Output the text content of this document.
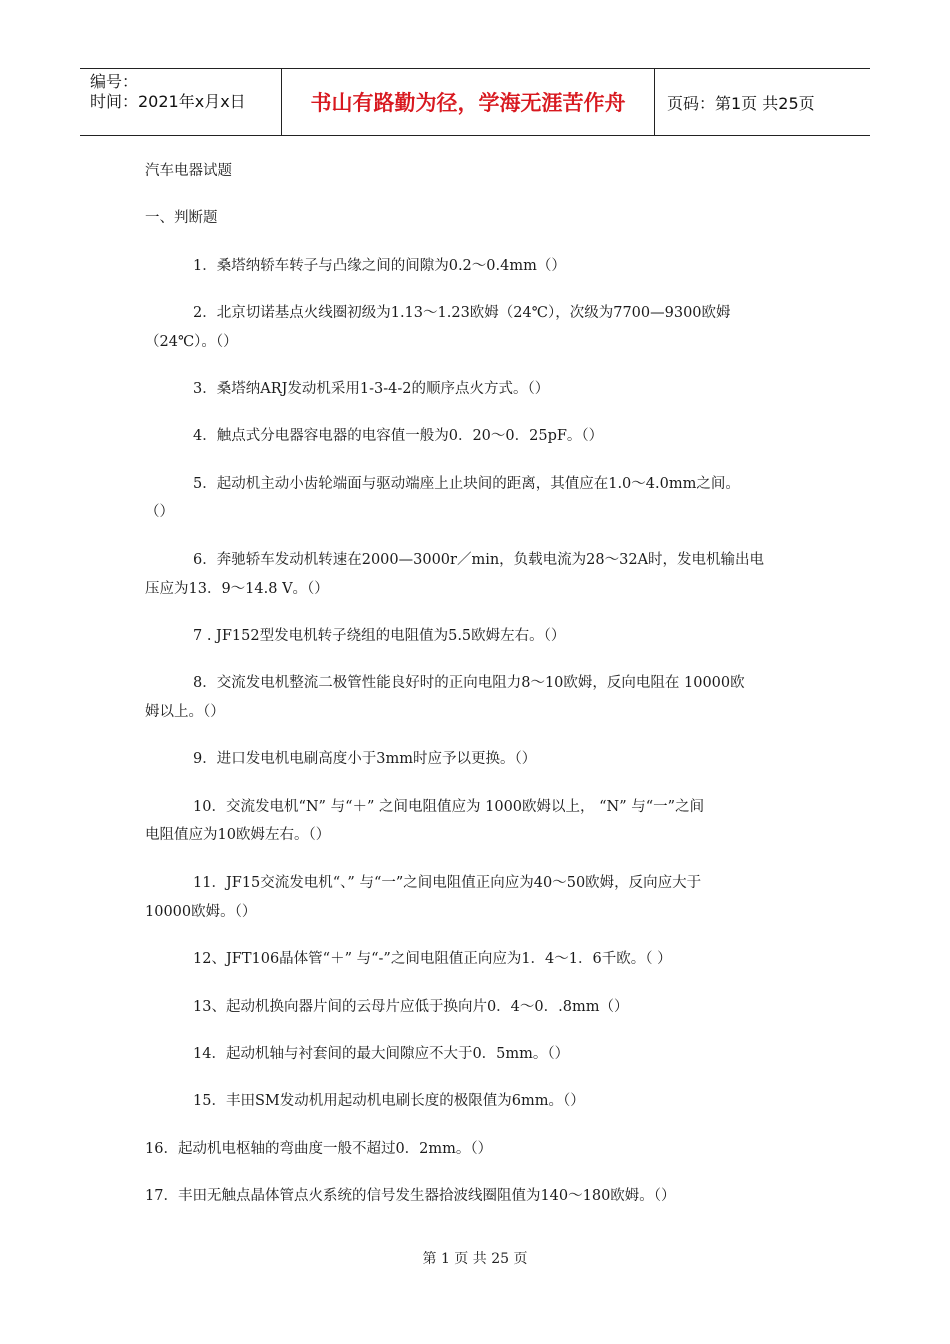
编号：
时间：2021年x月x日	书山有路勤为径，学海无涯苦作舟	页码：第1页 共25页
汽车电器试题
一、判断题
1．桑塔纳轿车转子与凸缘之间的间隙为0.2～0.4mm（）
2．北京切诺基点火线圈初级为1.13～1.23欧姆（24℃），次级为7700—9300欧姆
（24℃）。（）
3．桑塔纳ARJ发动机采用1-3-4-2的顺序点火方式。（）
4．触点式分电器容电器的电容值一般为0．20～0．25pF。（）
5．起动机主动小齿轮端面与驱动端座上止块间的距离，其值应在1.0～4.0mm之间。
（）
6．奔驰轿车发动机转速在2000—3000r／min，负载电流为28～32A时，发电机输出电
压应为13．9～14.8 V。（）
7 . JF152型发电机转子绕组的电阻值为5.5欧姆左右。（）
8．交流发电机整流二极管性能良好时的正向电阻力8～10欧姆，反向电阻在 10000欧
姆以上。（）
9．进口发电机电刷高度小于3mm时应予以更换。（）
10．交流发电机“N” 与“＋” 之间电阻值应为 1000欧姆以上， “N” 与“一”之间
电阻值应为10欧姆左右。（）
11．JF15交流发电机“、” 与“一”之间电阻值正向应为40～50欧姆，反向应大于
10000欧姆。（）
12、JFT106晶体管“＋” 与“-”之间电阻值正向应为1．4～1．6千欧。（ ）
13、起动机换向器片间的云母片应低于换向片0．4～0．.8mm（）
14．起动机轴与衬套间的最大间隙应不大于0．5mm。（）
15．丰田SM发动机用起动机电刷长度的极限值为6mm。（）
16．起动机电枢轴的弯曲度一般不超过0．2mm。（）
17．丰田无触点晶体管点火系统的信号发生器拾波线圈阻值为140～180欧姆。（）
第 1 页 共 25 页
